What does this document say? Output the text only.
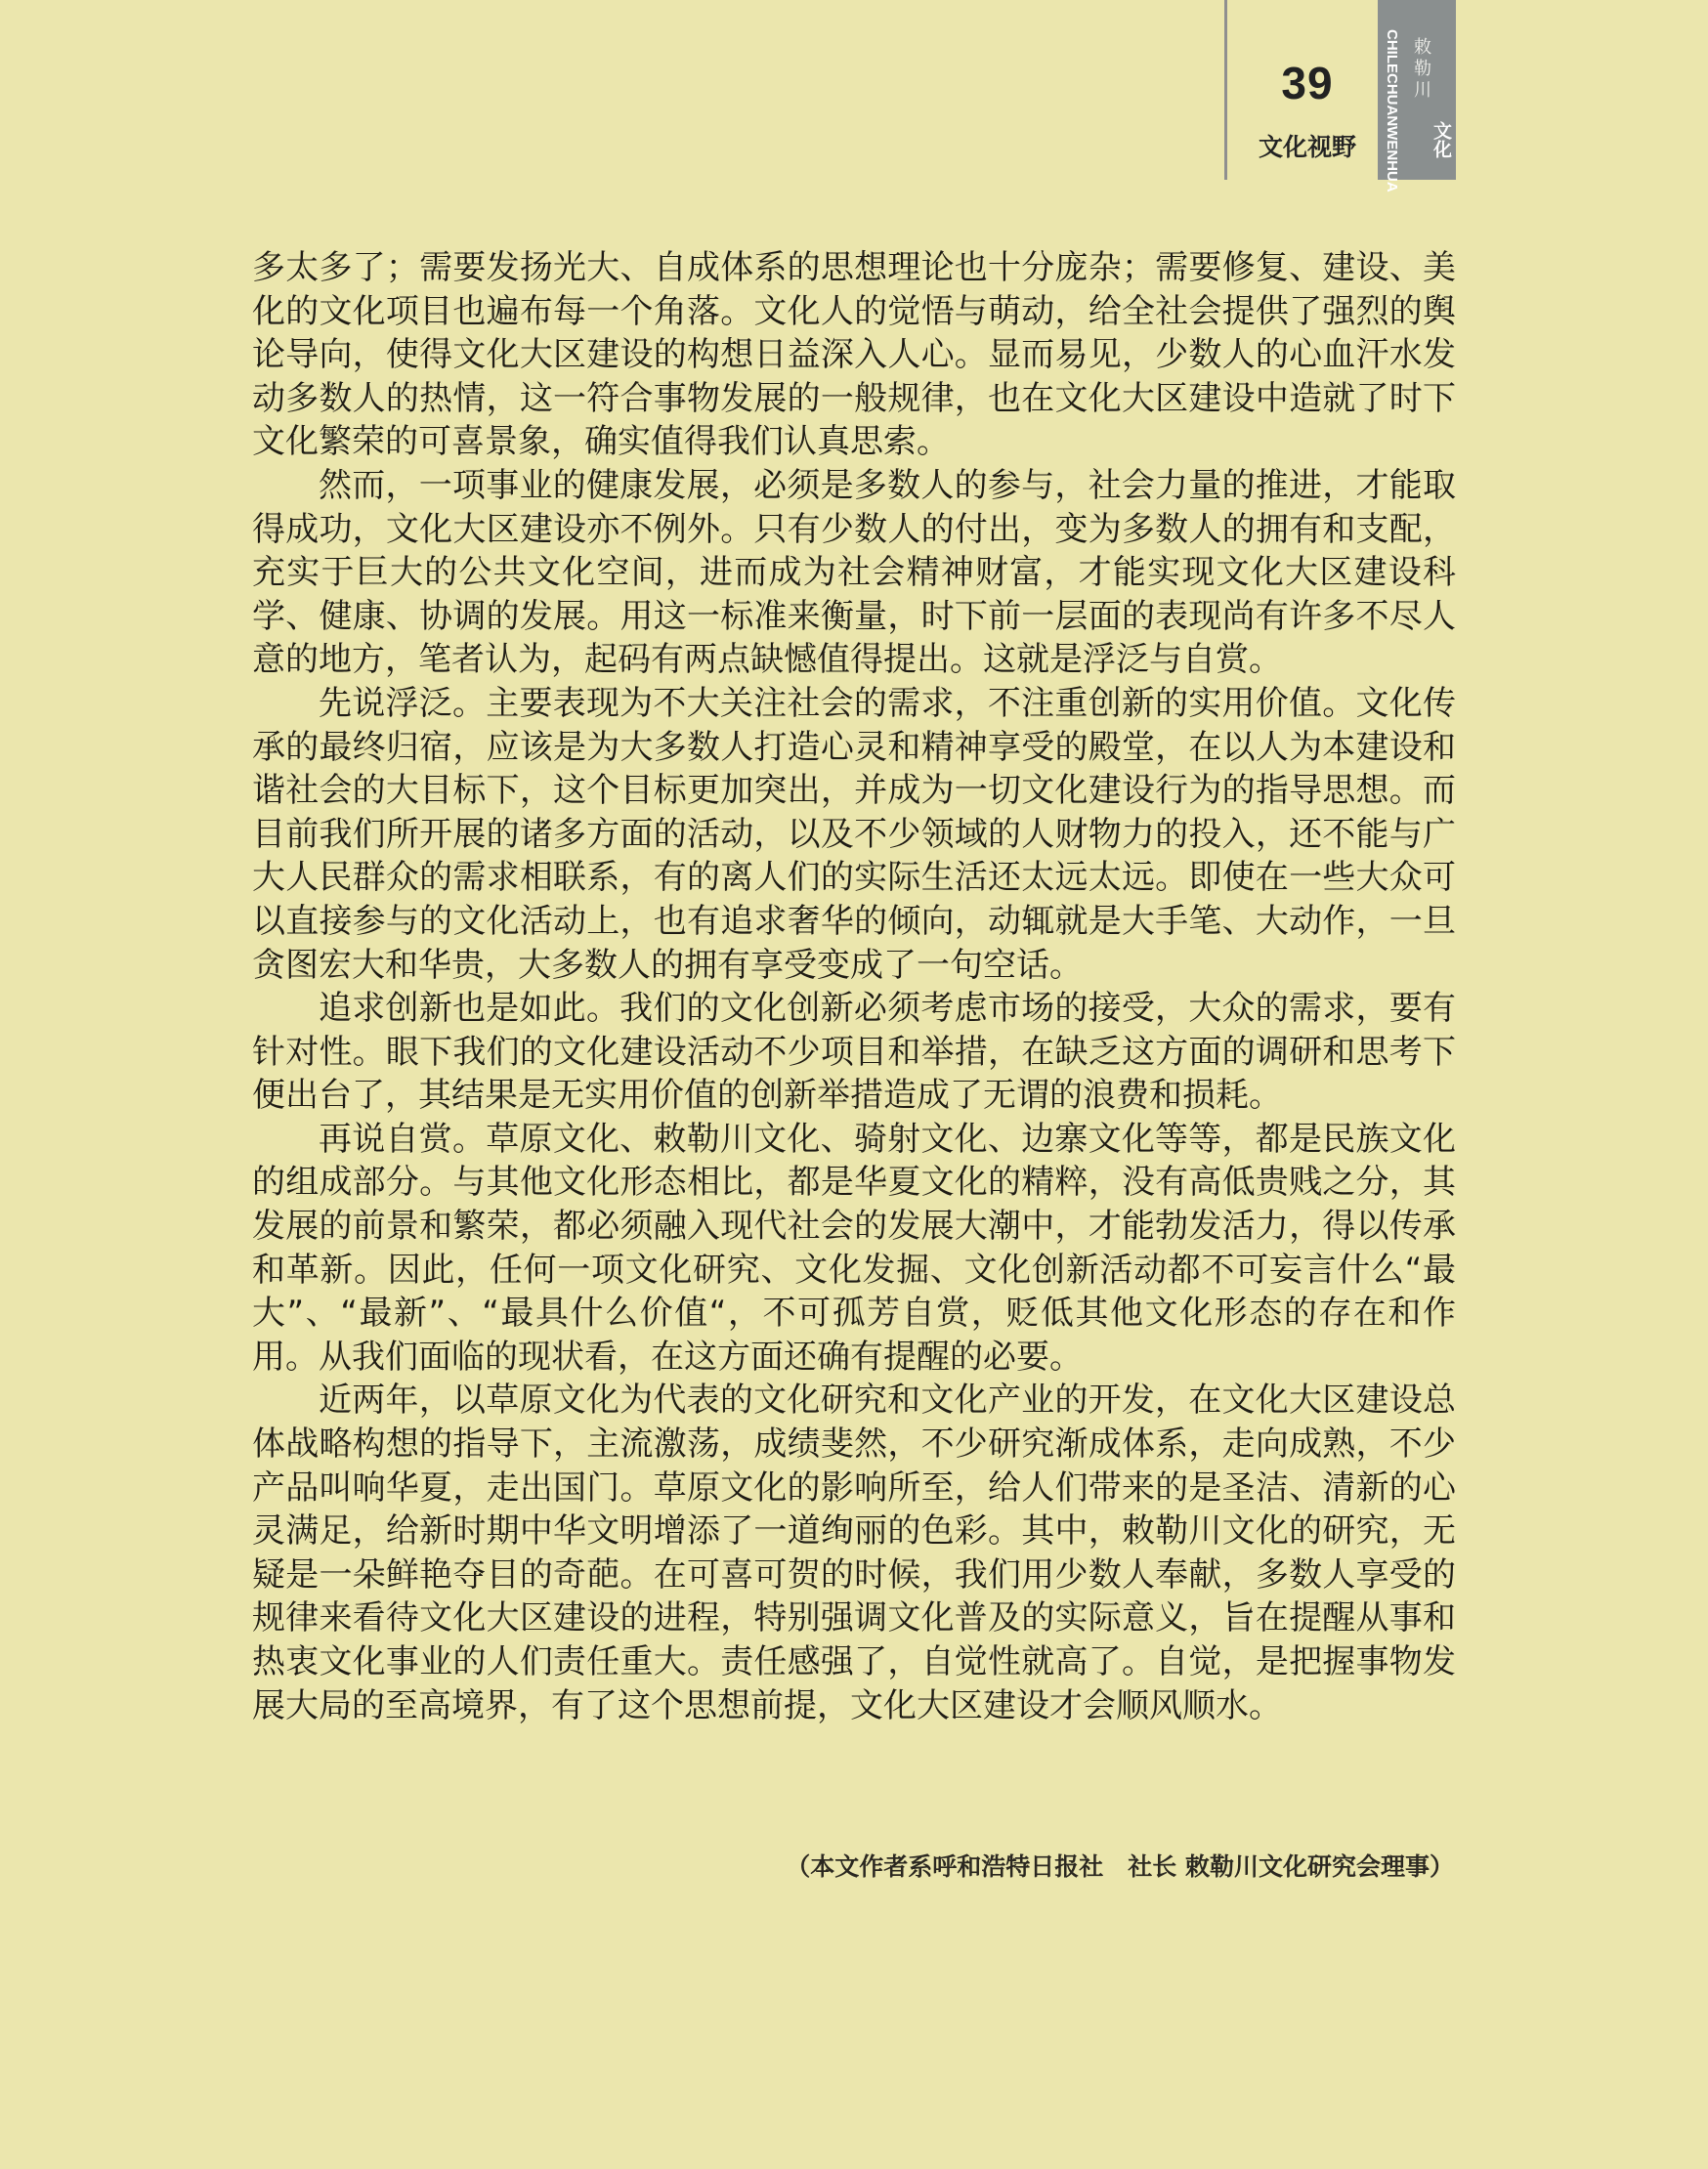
39
文化视野	CHILECHUANWENHUA 敕勒川
文化

多太多了；需要发扬光大、自成体系的思想理论也十分庞杂；需要修复、建设、美化的文化项目也遍布每一个角落。文化人的觉悟与萌动，给全社会提供了强烈的舆论导向，使得文化大区建设的构想日益深入人心。显而易见，少数人的心血汗水发动多数人的热情，这一符合事物发展的一般规律，也在文化大区建设中造就了时下文化繁荣的可喜景象，确实值得我们认真思索。

然而，一项事业的健康发展，必须是多数人的参与，社会力量的推进，才能取得成功，文化大区建设亦不例外。只有少数人的付出，变为多数人的拥有和支配，充实于巨大的公共文化空间，进而成为社会精神财富，才能实现文化大区建设科学、健康、协调的发展。用这一标准来衡量，时下前一层面的表现尚有许多不尽人意的地方，笔者认为，起码有两点缺憾值得提出。这就是浮泛与自赏。

先说浮泛。主要表现为不大关注社会的需求，不注重创新的实用价值。文化传承的最终归宿，应该是为大多数人打造心灵和精神享受的殿堂，在以人为本建设和谐社会的大目标下，这个目标更加突出，并成为一切文化建设行为的指导思想。而目前我们所开展的诸多方面的活动，以及不少领域的人财物力的投入，还不能与广大人民群众的需求相联系，有的离人们的实际生活还太远太远。即使在一些大众可以直接参与的文化活动上，也有追求奢华的倾向，动辄就是大手笔、大动作，一旦贪图宏大和华贵，大多数人的拥有享受变成了一句空话。

追求创新也是如此。我们的文化创新必须考虑市场的接受，大众的需求，要有针对性。眼下我们的文化建设活动不少项目和举措，在缺乏这方面的调研和思考下便出台了，其结果是无实用价值的创新举措造成了无谓的浪费和损耗。

再说自赏。草原文化、敕勒川文化、骑射文化、边寨文化等等，都是民族文化的组成部分。与其他文化形态相比，都是华夏文化的精粹，没有高低贵贱之分，其发展的前景和繁荣，都必须融入现代社会的发展大潮中，才能勃发活力，得以传承和革新。因此，任何一项文化研究、文化发掘、文化创新活动都不可妄言什么“最大”、“最新”、“最具什么价值“，不可孤芳自赏，贬低其他文化形态的存在和作用。从我们面临的现状看，在这方面还确有提醒的必要。

近两年，以草原文化为代表的文化研究和文化产业的开发，在文化大区建设总体战略构想的指导下，主流激荡，成绩斐然，不少研究渐成体系，走向成熟，不少产品叫响华夏，走出国门。草原文化的影响所至，给人们带来的是圣洁、清新的心灵满足，给新时期中华文明增添了一道绚丽的色彩。其中，敕勒川文化的研究，无疑是一朵鲜艳夺目的奇葩。在可喜可贺的时候，我们用少数人奉献，多数人享受的规律来看待文化大区建设的进程，特别强调文化普及的实际意义，旨在提醒从事和热衷文化事业的人们责任重大。责任感强了，自觉性就高了。自觉，是把握事物发展大局的至高境界，有了这个思想前提，文化大区建设才会顺风顺水。

（本文作者系呼和浩特日报社　社长 敕勒川文化研究会理事）
